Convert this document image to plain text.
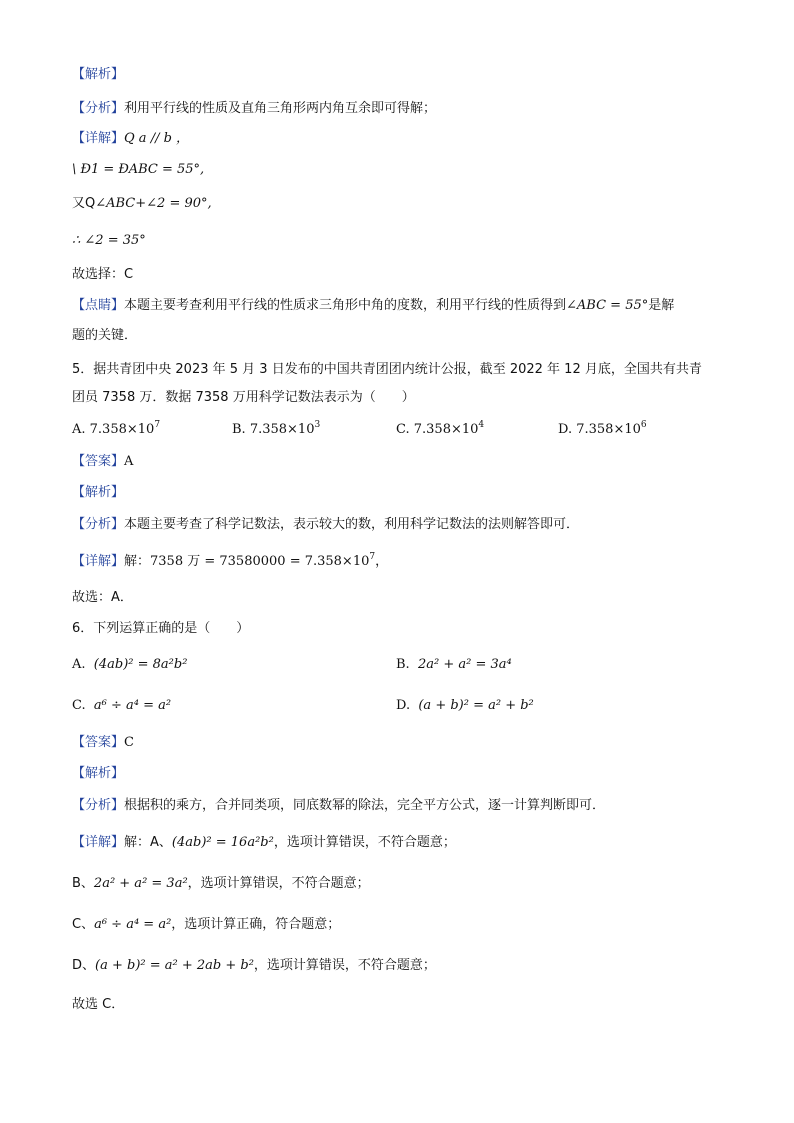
【解析】
【分析】利用平行线的性质及直角三角形两内角互余即可得解；
【详解】Q a // b ，
\ Ð1 = ÐABC = 55°,
又Q∠ABC+∠2 = 90°,
∴ ∠2 = 35°
故选择：C
【点睛】本题主要考查利用平行线的性质求三角形中角的度数，利用平行线的性质得到∠ABC = 55°是解
题的关键．
5．据共青团中央 2023 年 5 月 3 日发布的中国共青团团内统计公报，截至 2022 年 12 月底，全国共有共青
团员 7358 万．数据 7358 万用科学记数法表示为（　　）
A. $7.358\times 10^7$	B. $7.358\times 10^3$	C. $7.358\times 10^4$	D. $7.358\times 10^6$
【答案】A
【解析】
【分析】本题主要考查了科学记数法，表示较大的数，利用科学记数法的法则解答即可．
【详解】解：7358 万 = $73580000 = 7.358\times 10^7$，
故选：A．
6．下列运算正确的是（　　）
A. (4ab)² = 8a²b²	B. 2a² + a² = 3a⁴
C. a⁶ ÷ a⁴ = a²	D. (a + b)² = a² + b²
【答案】C
【解析】
【分析】根据积的乘方，合并同类项，同底数幂的除法，完全平方公式，逐一计算判断即可．
【详解】解：A、(4ab)² = 16a²b²，选项计算错误，不符合题意；
B、2a² + a² = 3a²，选项计算错误，不符合题意；
C、a⁶ ÷ a⁴ = a²，选项计算正确，符合题意；
D、(a + b)² = a² + 2ab + b²，选项计算错误，不符合题意；
故选 C．
